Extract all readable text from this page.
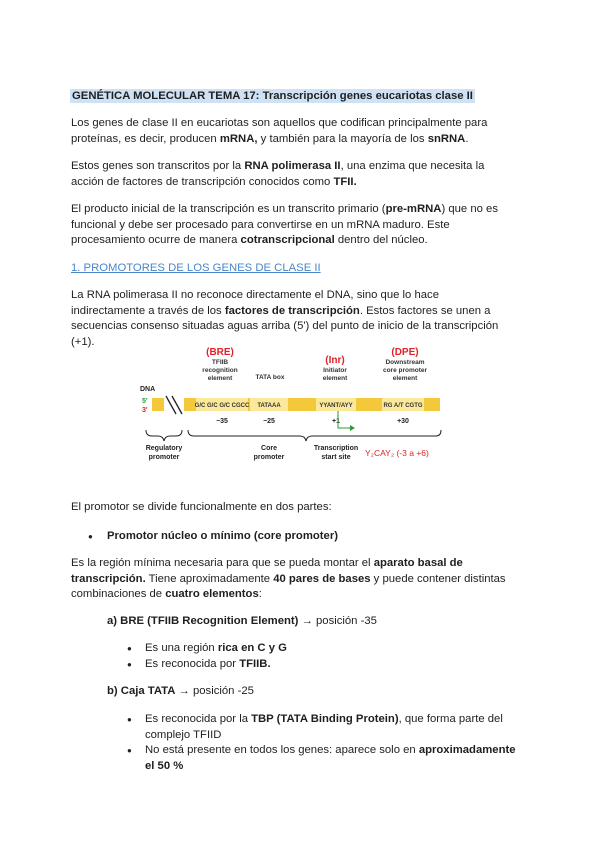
GENÉTICA MOLECULAR TEMA 17: Transcripción genes eucariotas clase II

Los genes de clase II en eucariotas son aquellos que codifican principalmente para
proteínas, es decir, producen mRNA, y también para la mayoría de los snRNA.

Estos genes son transcritos por la RNA polimerasa II, una enzima que necesita la
acción de factores de transcripción conocidos como TFII.

El producto inicial de la transcripción es un transcrito primario (pre-mRNA) que no es
funcional y debe ser procesado para convertirse en un mRNA maduro. Este
procesamiento ocurre de manera cotranscripcional dentro del núcleo.

1. PROMOTORES DE LOS GENES DE CLASE II

La RNA polimerasa II no reconoce directamente el DNA, sino que lo hace
indirectamente a través de los factores de transcripción. Estos factores se unen a
secuencias consenso situadas aguas arriba (5') del punto de inicio de la transcripción
(+1).

(BRE)
TFIIB
recognition
element	TATA box
(Inr)
Initiator
element
(DPE)
Downstream
core promoter
element
DNA
5'
3'
G/C G/C G/C CGCC TATAAA	YYANT/AYY	RG A/T CGTG
−35	−25	+1	+30
Regulatory
promoter
Core
promoter
Transcription
start site Y₂CAY₂ (-3 a +6)

El promotor se divide funcionalmente en dos partes:

● Promotor núcleo o mínimo (core promoter)

Es la región mínima necesaria para que se pueda montar el aparato basal de
transcripción. Tiene aproximadamente 40 pares de bases y puede contener distintas
combinaciones de cuatro elementos:

a) BRE (TFIIB Recognition Element) → posición -35
● Es una región rica en C y G
● Es reconocida por TFIIB.
b) Caja TATA → posición -25
● Es reconocida por la TBP (TATA Binding Protein), que forma parte del
complejo TFIID

● No está presente en todos los genes: aparece solo en aproximadamente
el 50 %
